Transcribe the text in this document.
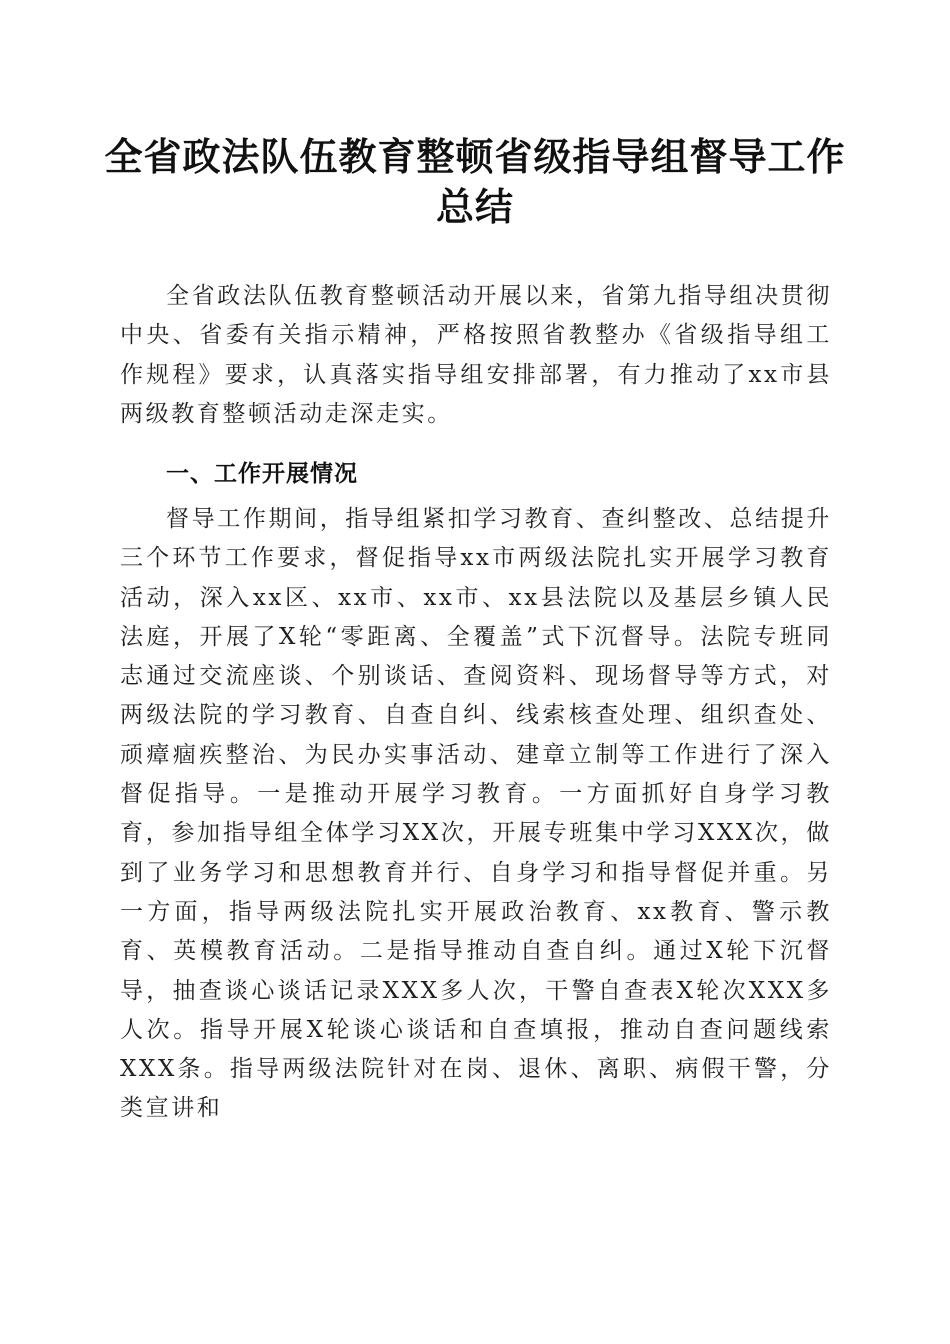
全省政法队伍教育整顿省级指导组督导工作总结

全省政法队伍教育整顿活动开展以来，省第九指导组决贯彻中央、省委有关指示精神，严格按照省教整办《省级指导组工作规程》要求，认真落实指导组安排部署，有力推动了xx市县两级教育整顿活动走深走实。

一、工作开展情况

督导工作期间，指导组紧扣学习教育、查纠整改、总结提升三个环节工作要求，督促指导xx市两级法院扎实开展学习教育活动，深入xx区、xx市、xx市、xx县法院以及基层乡镇人民法庭，开展了X轮“零距离、全覆盖”式下沉督导。法院专班同志通过交流座谈、个别谈话、查阅资料、现场督导等方式，对两级法院的学习教育、自查自纠、线索核查处理、组织查处、顽瘴痼疾整治、为民办实事活动、建章立制等工作进行了深入督促指导。一是推动开展学习教育。一方面抓好自身学习教育，参加指导组全体学习XX次，开展专班集中学习XXX次，做到了业务学习和思想教育并行、自身学习和指导督促并重。另一方面，指导两级法院扎实开展政治教育、xx教育、警示教育、英模教育活动。二是指导推动自查自纠。通过X轮下沉督导，抽查谈心谈话记录XXX多人次，干警自查表X轮次XXX多人次。指导开展X轮谈心谈话和自查填报，推动自查问题线索XXX条。指导两级法院针对在岗、退休、离职、病假干警，分类宣讲和
